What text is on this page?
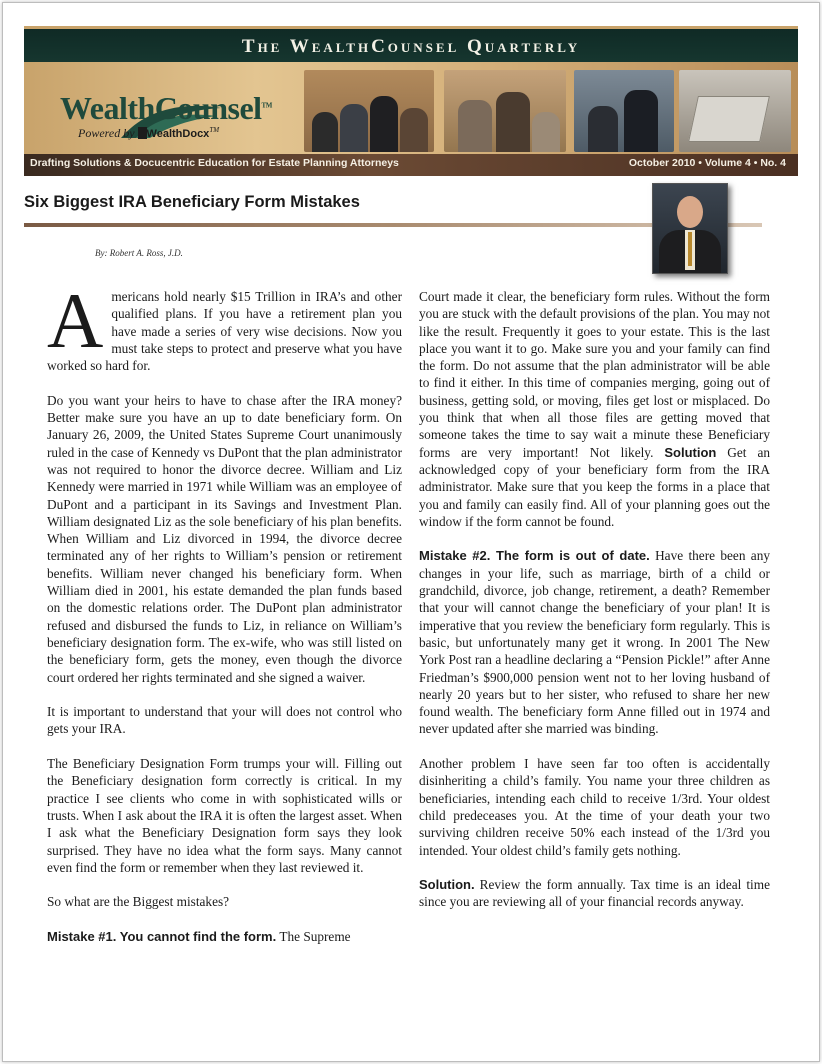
The WealthCounsel Quarterly
WealthCounsel™
Powered by WealthDocx™
Drafting Solutions & Docucentric Education for Estate Planning Attorneys	October 2010 • Volume 4 • No. 4
Six Biggest IRA Beneficiary Form Mistakes
By: Robert A. Ross, J.D.

Americans hold nearly $15 Trillion in IRA’s and other qualified plans. If you have a retirement plan you have made a series of very wise decisions. Now you must take steps to protect and preserve what you have worked so hard for.

Do you want your heirs to have to chase after the IRA money? Better make sure you have an up to date beneficiary form. On January 26, 2009, the United States Supreme Court unanimously ruled in the case of Kennedy vs DuPont that the plan administrator was not required to honor the divorce decree. William and Liz Kennedy were married in 1971 while William was an employee of DuPont and a participant in its Savings and Investment Plan. William designated Liz as the sole beneficiary of his plan benefits. When William and Liz divorced in 1994, the divorce decree terminated any of her rights to William’s pension or retirement benefits. William never changed his beneficiary form. When William died in 2001, his estate demanded the plan funds based on the domestic relations order. The DuPont plan administrator refused and disbursed the funds to Liz, in reliance on William’s beneficiary designation form. The ex-wife, who was still listed on the beneficiary form, gets the money, even though the divorce court ordered her rights terminated and she signed a waiver.

It is important to understand that your will does not control who gets your IRA.

The Beneficiary Designation Form trumps your will. Filling out the Beneficiary designation form correctly is critical. In my practice I see clients who come in with sophisticated wills or trusts. When I ask about the IRA it is often the largest asset. When I ask what the Beneficiary Designation form says they look surprised. They have no idea what the form says. Many cannot even find the form or remember when they last reviewed it.

So what are the Biggest mistakes?

Mistake #1. You cannot find the form. The Supreme

Court made it clear, the beneficiary form rules. Without the form you are stuck with the default provisions of the plan. You may not like the result. Frequently it goes to your estate. This is the last place you want it to go. Make sure you and your family can find the form. Do not assume that the plan administrator will be able to find it either. In this time of companies merging, going out of business, getting sold, or moving, files get lost or misplaced. Do you think that when all those files are getting moved that someone takes the time to say wait a minute these Beneficiary forms are very important! Not likely. Solution Get an acknowledged copy of your beneficiary form from the IRA administrator. Make sure that you keep the forms in a place that you and family can easily find. All of your planning goes out the window if the form cannot be found.

Mistake #2. The form is out of date. Have there been any changes in your life, such as marriage, birth of a child or grandchild, divorce, job change, retirement, a death? Remember that your will cannot change the beneficiary of your plan! It is imperative that you review the beneficiary form regularly. This is basic, but unfortunately many get it wrong. In 2001 The New York Post ran a headline declaring a “Pension Pickle!” after Anne Friedman’s $900,000 pension went not to her loving husband of nearly 20 years but to her sister, who refused to share her new found wealth. The beneficiary form Anne filled out in 1974 and never updated after she married was binding.

Another problem I have seen far too often is accidentally disinheriting a child’s family. You name your three children as beneficiaries, intending each child to receive 1/3rd. Your oldest child predeceases you. At the time of your death your two surviving children receive 50% each instead of the 1/3rd you intended. Your oldest child’s family gets nothing.

Solution. Review the form annually. Tax time is an ideal time since you are reviewing all of your financial records anyway.
